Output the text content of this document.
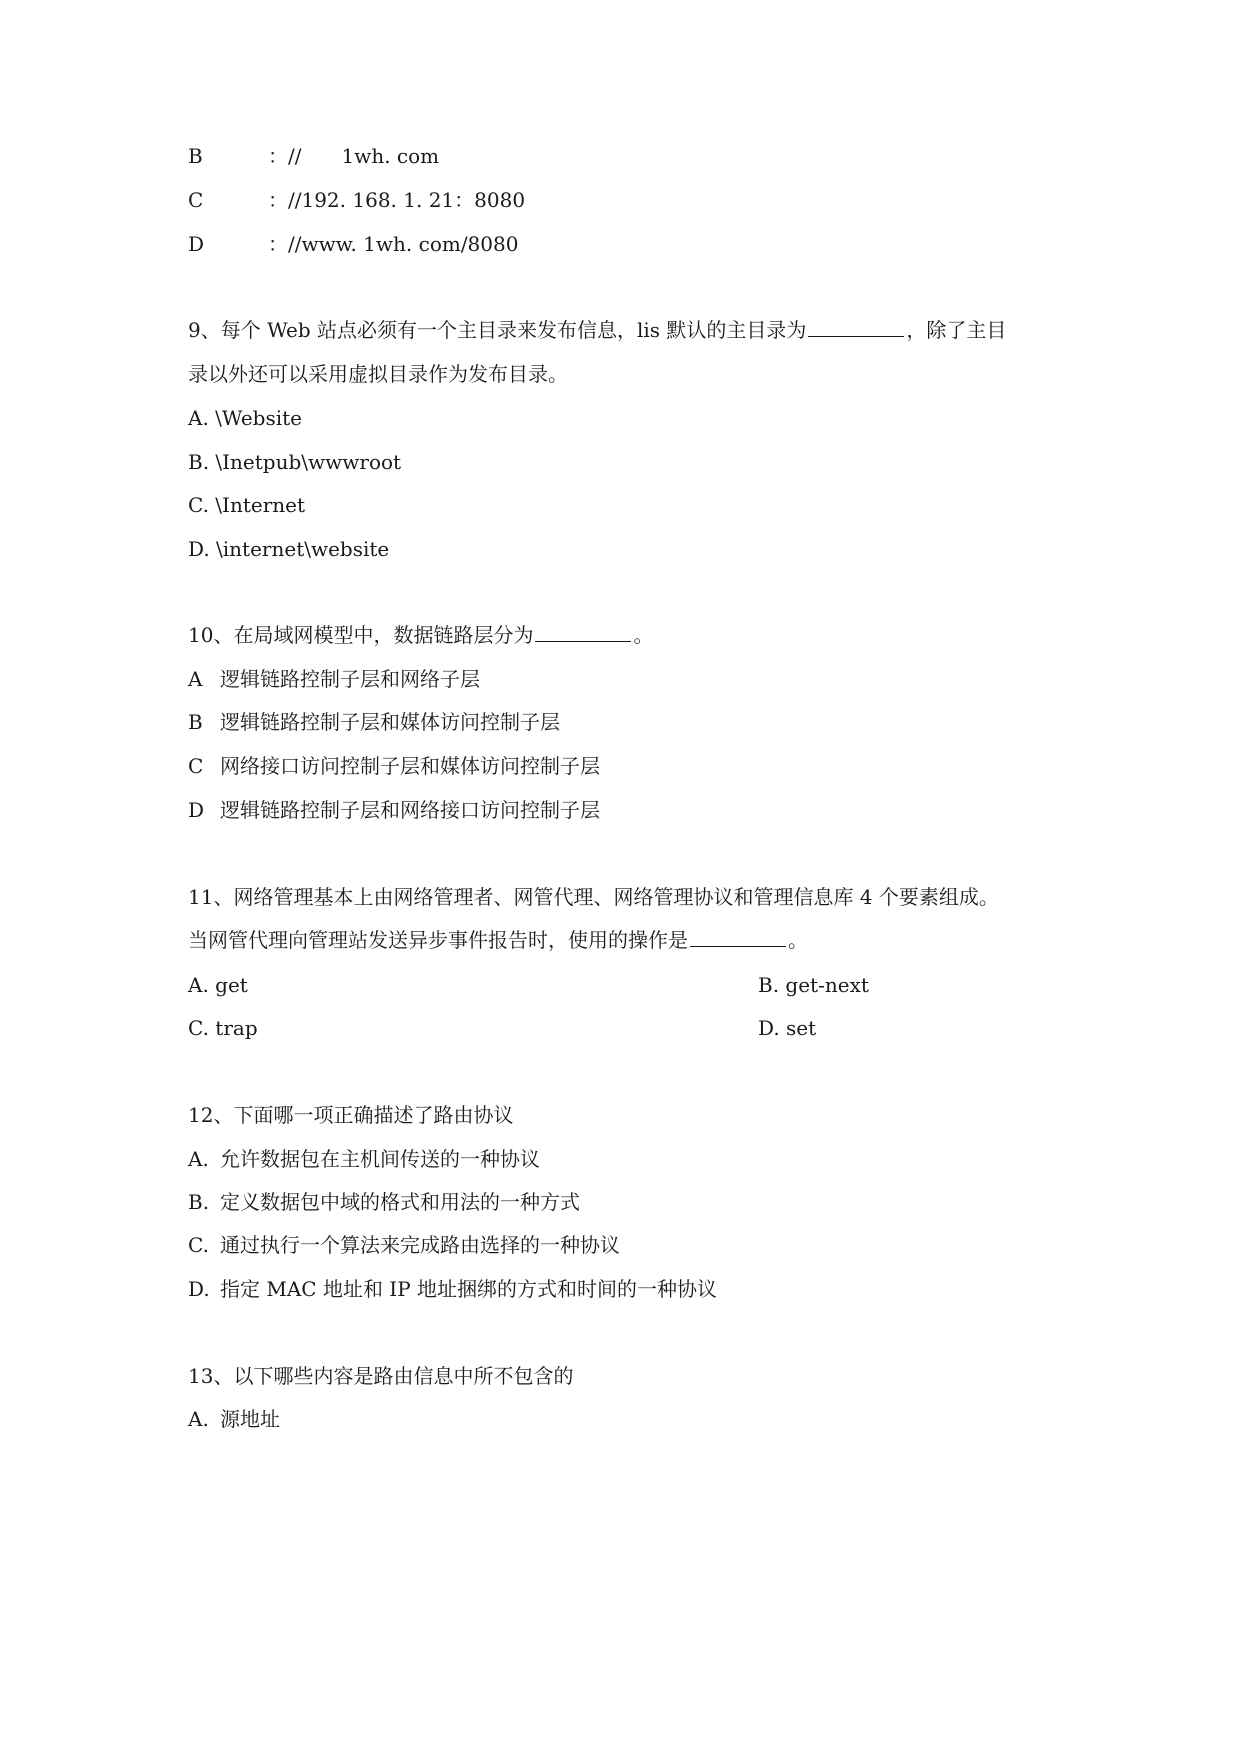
B	：//　　1wh. com
C	：//192. 168. 1. 21：8080
D	：//www. 1wh. com/8080
9、每个 Web 站点必须有一个主目录来发布信息，lis 默认的主目录为	，除了主目
录以外还可以采用虚拟目录作为发布目录。
A. \Website
B. \Inetpub\wwwroot
C. \Internet
D. \internet\website
10、在局域网模型中，数据链路层分为	。
A 逻辑链路控制子层和网络子层
B 逻辑链路控制子层和媒体访问控制子层
C 网络接口访问控制子层和媒体访问控制子层
D 逻辑链路控制子层和网络接口访问控制子层
11、网络管理基本上由网络管理者、网管代理、网络管理协议和管理信息库 4 个要素组成。
当网管代理向管理站发送异步事件报告时，使用的操作是	。
A. get	B. get-next
C. trap	D. set
12、下面哪一项正确描述了路由协议
A. 允许数据包在主机间传送的一种协议
B. 定义数据包中域的格式和用法的一种方式
C. 通过执行一个算法来完成路由选择的一种协议
D. 指定 MAC 地址和 IP 地址捆绑的方式和时间的一种协议
13、以下哪些内容是路由信息中所不包含的
A. 源地址
